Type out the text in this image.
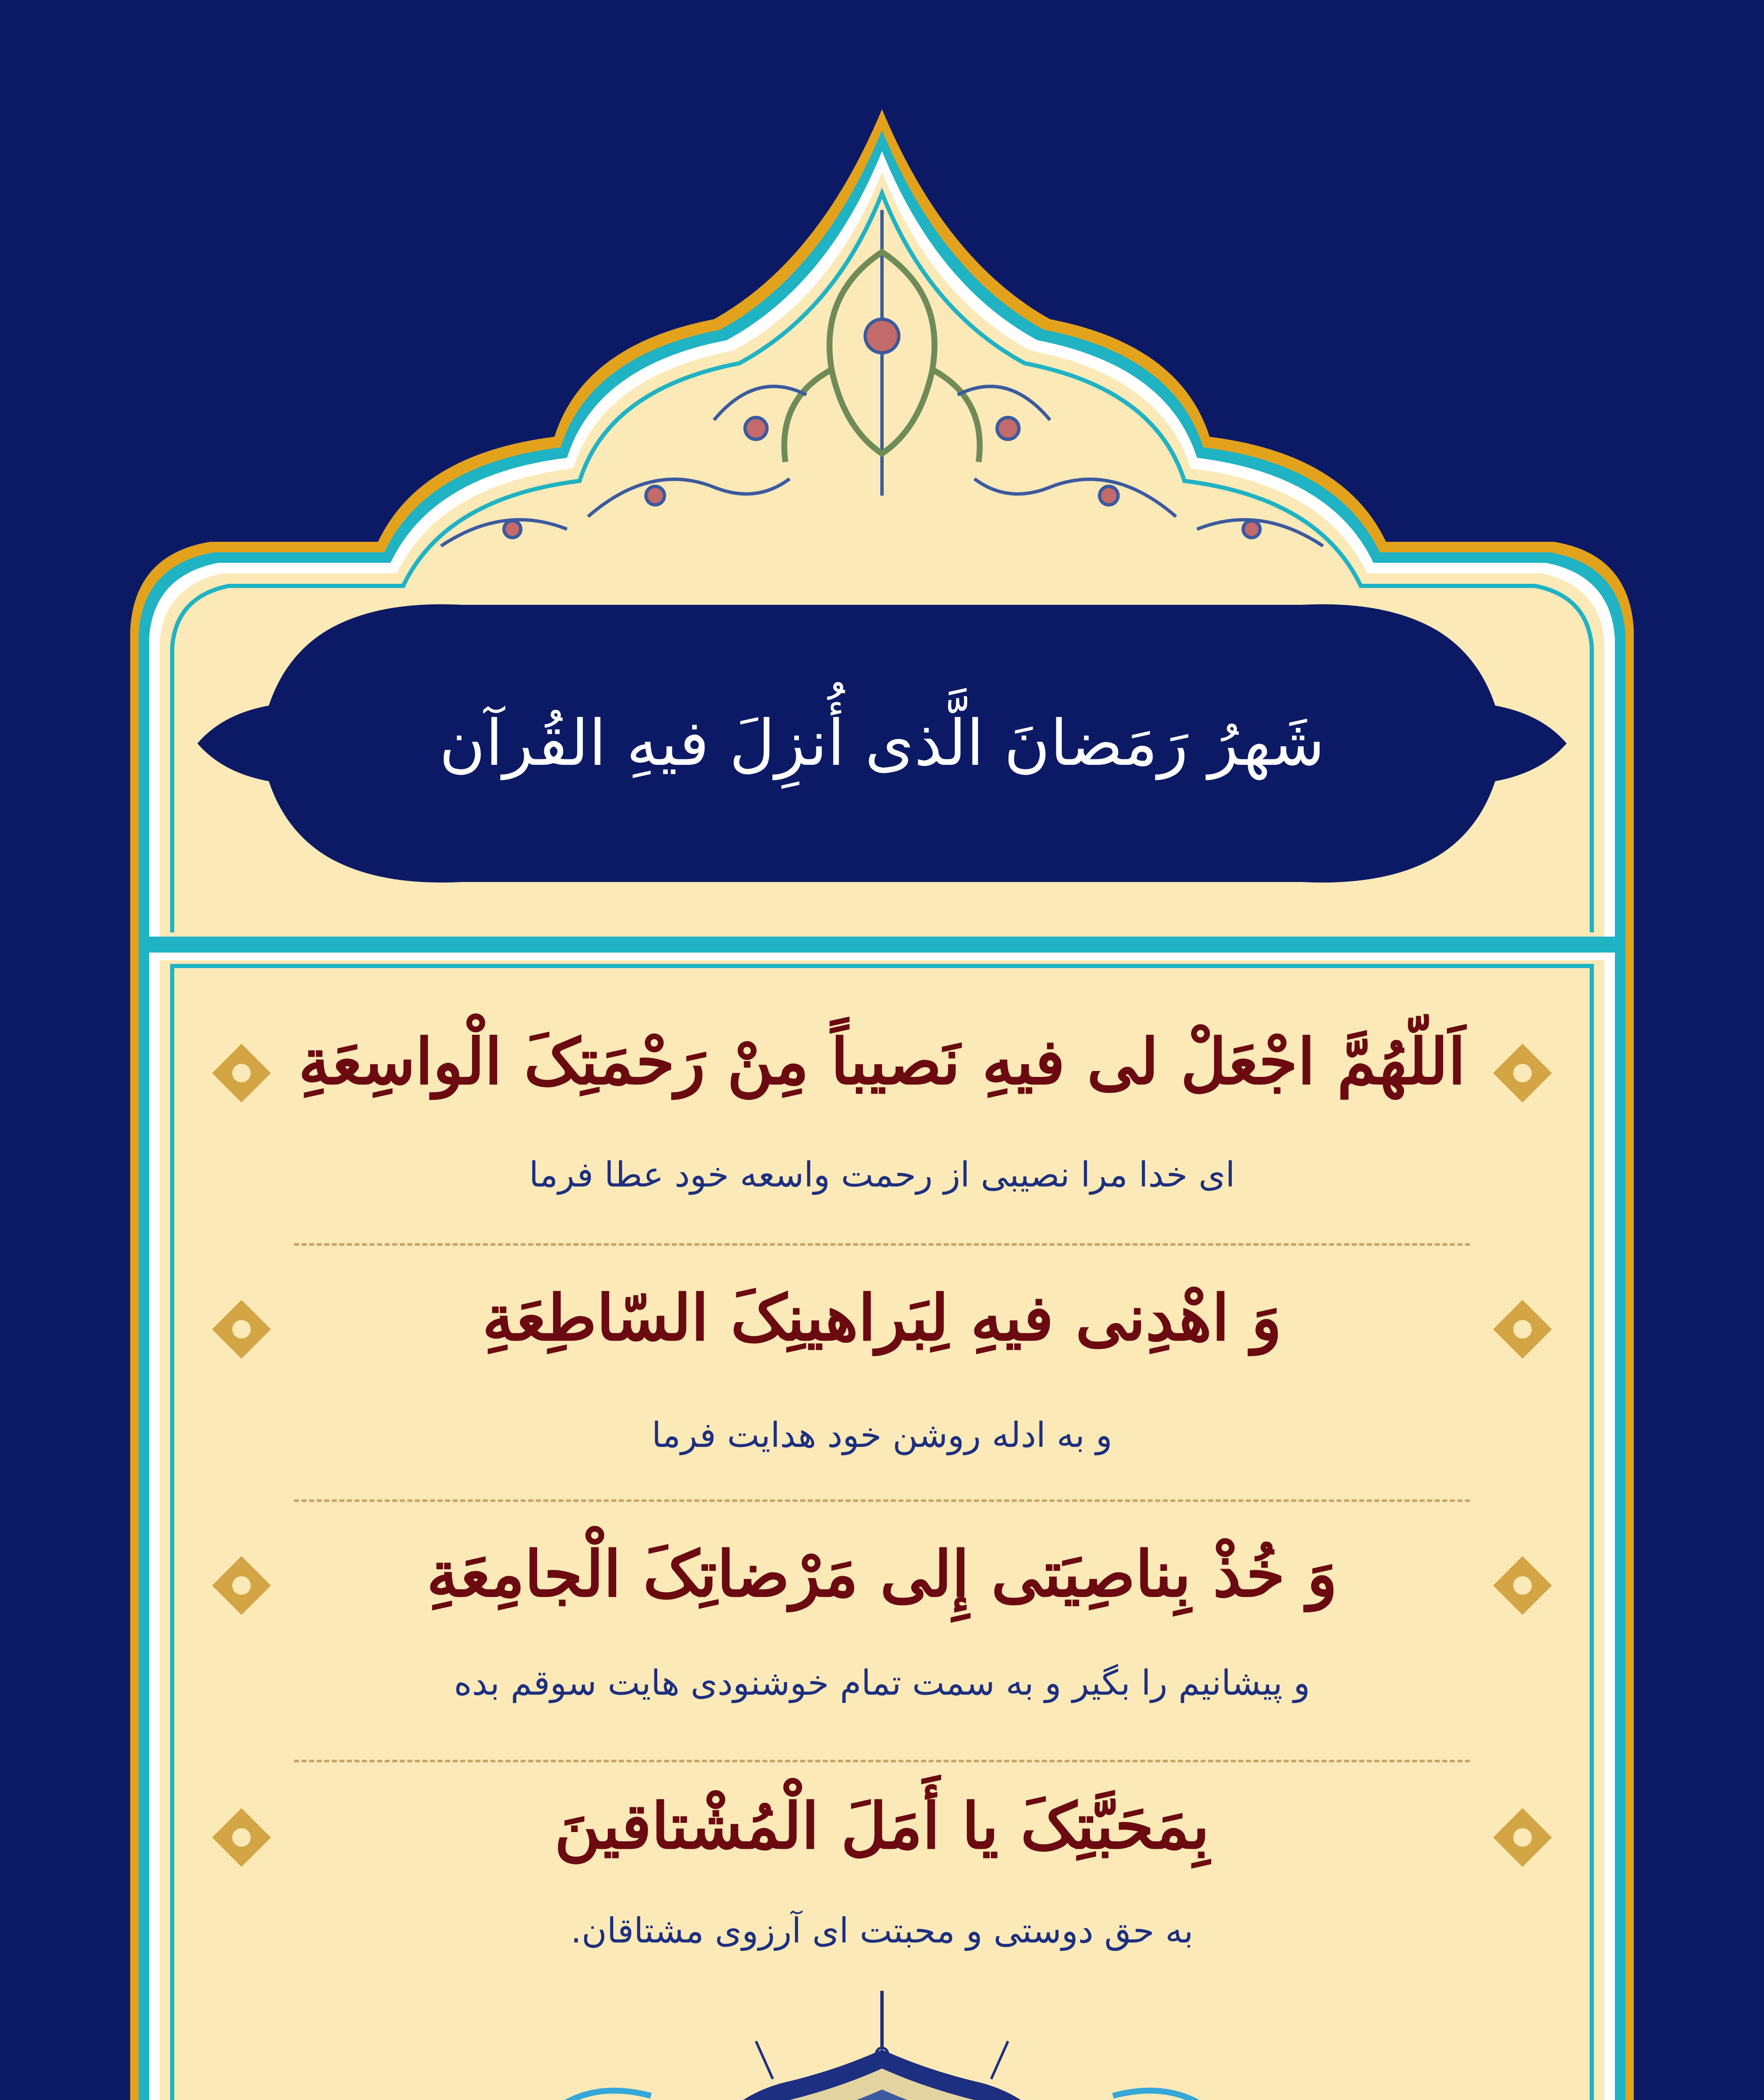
شَهرُ رَمَضانَ الَّذی أُنزِلَ فیهِ القُرآن
اَللّهُمَّ اجْعَلْ لی فیهِ نَصیباً مِنْ رَحْمَتِکَ الْواسِعَةِ
ای خدا مرا نصیبی از رحمت واسعه خود عطا فرما
وَ اهْدِنی فیهِ لِبَراهینِکَ السّاطِعَةِ
و به ادله روشن خود هدایت فرما
وَ خُذْ بِناصِیَتی إِلی مَرْضاتِکَ الْجامِعَةِ
و پیشانیم را بگیر و به سمت تمام خوشنودی هایت سوقم بده
بِمَحَبَّتِکَ یا أَمَلَ الْمُشْتاقینَ
به حق دوستی و محبتت ای آرزوی مشتاقان.
